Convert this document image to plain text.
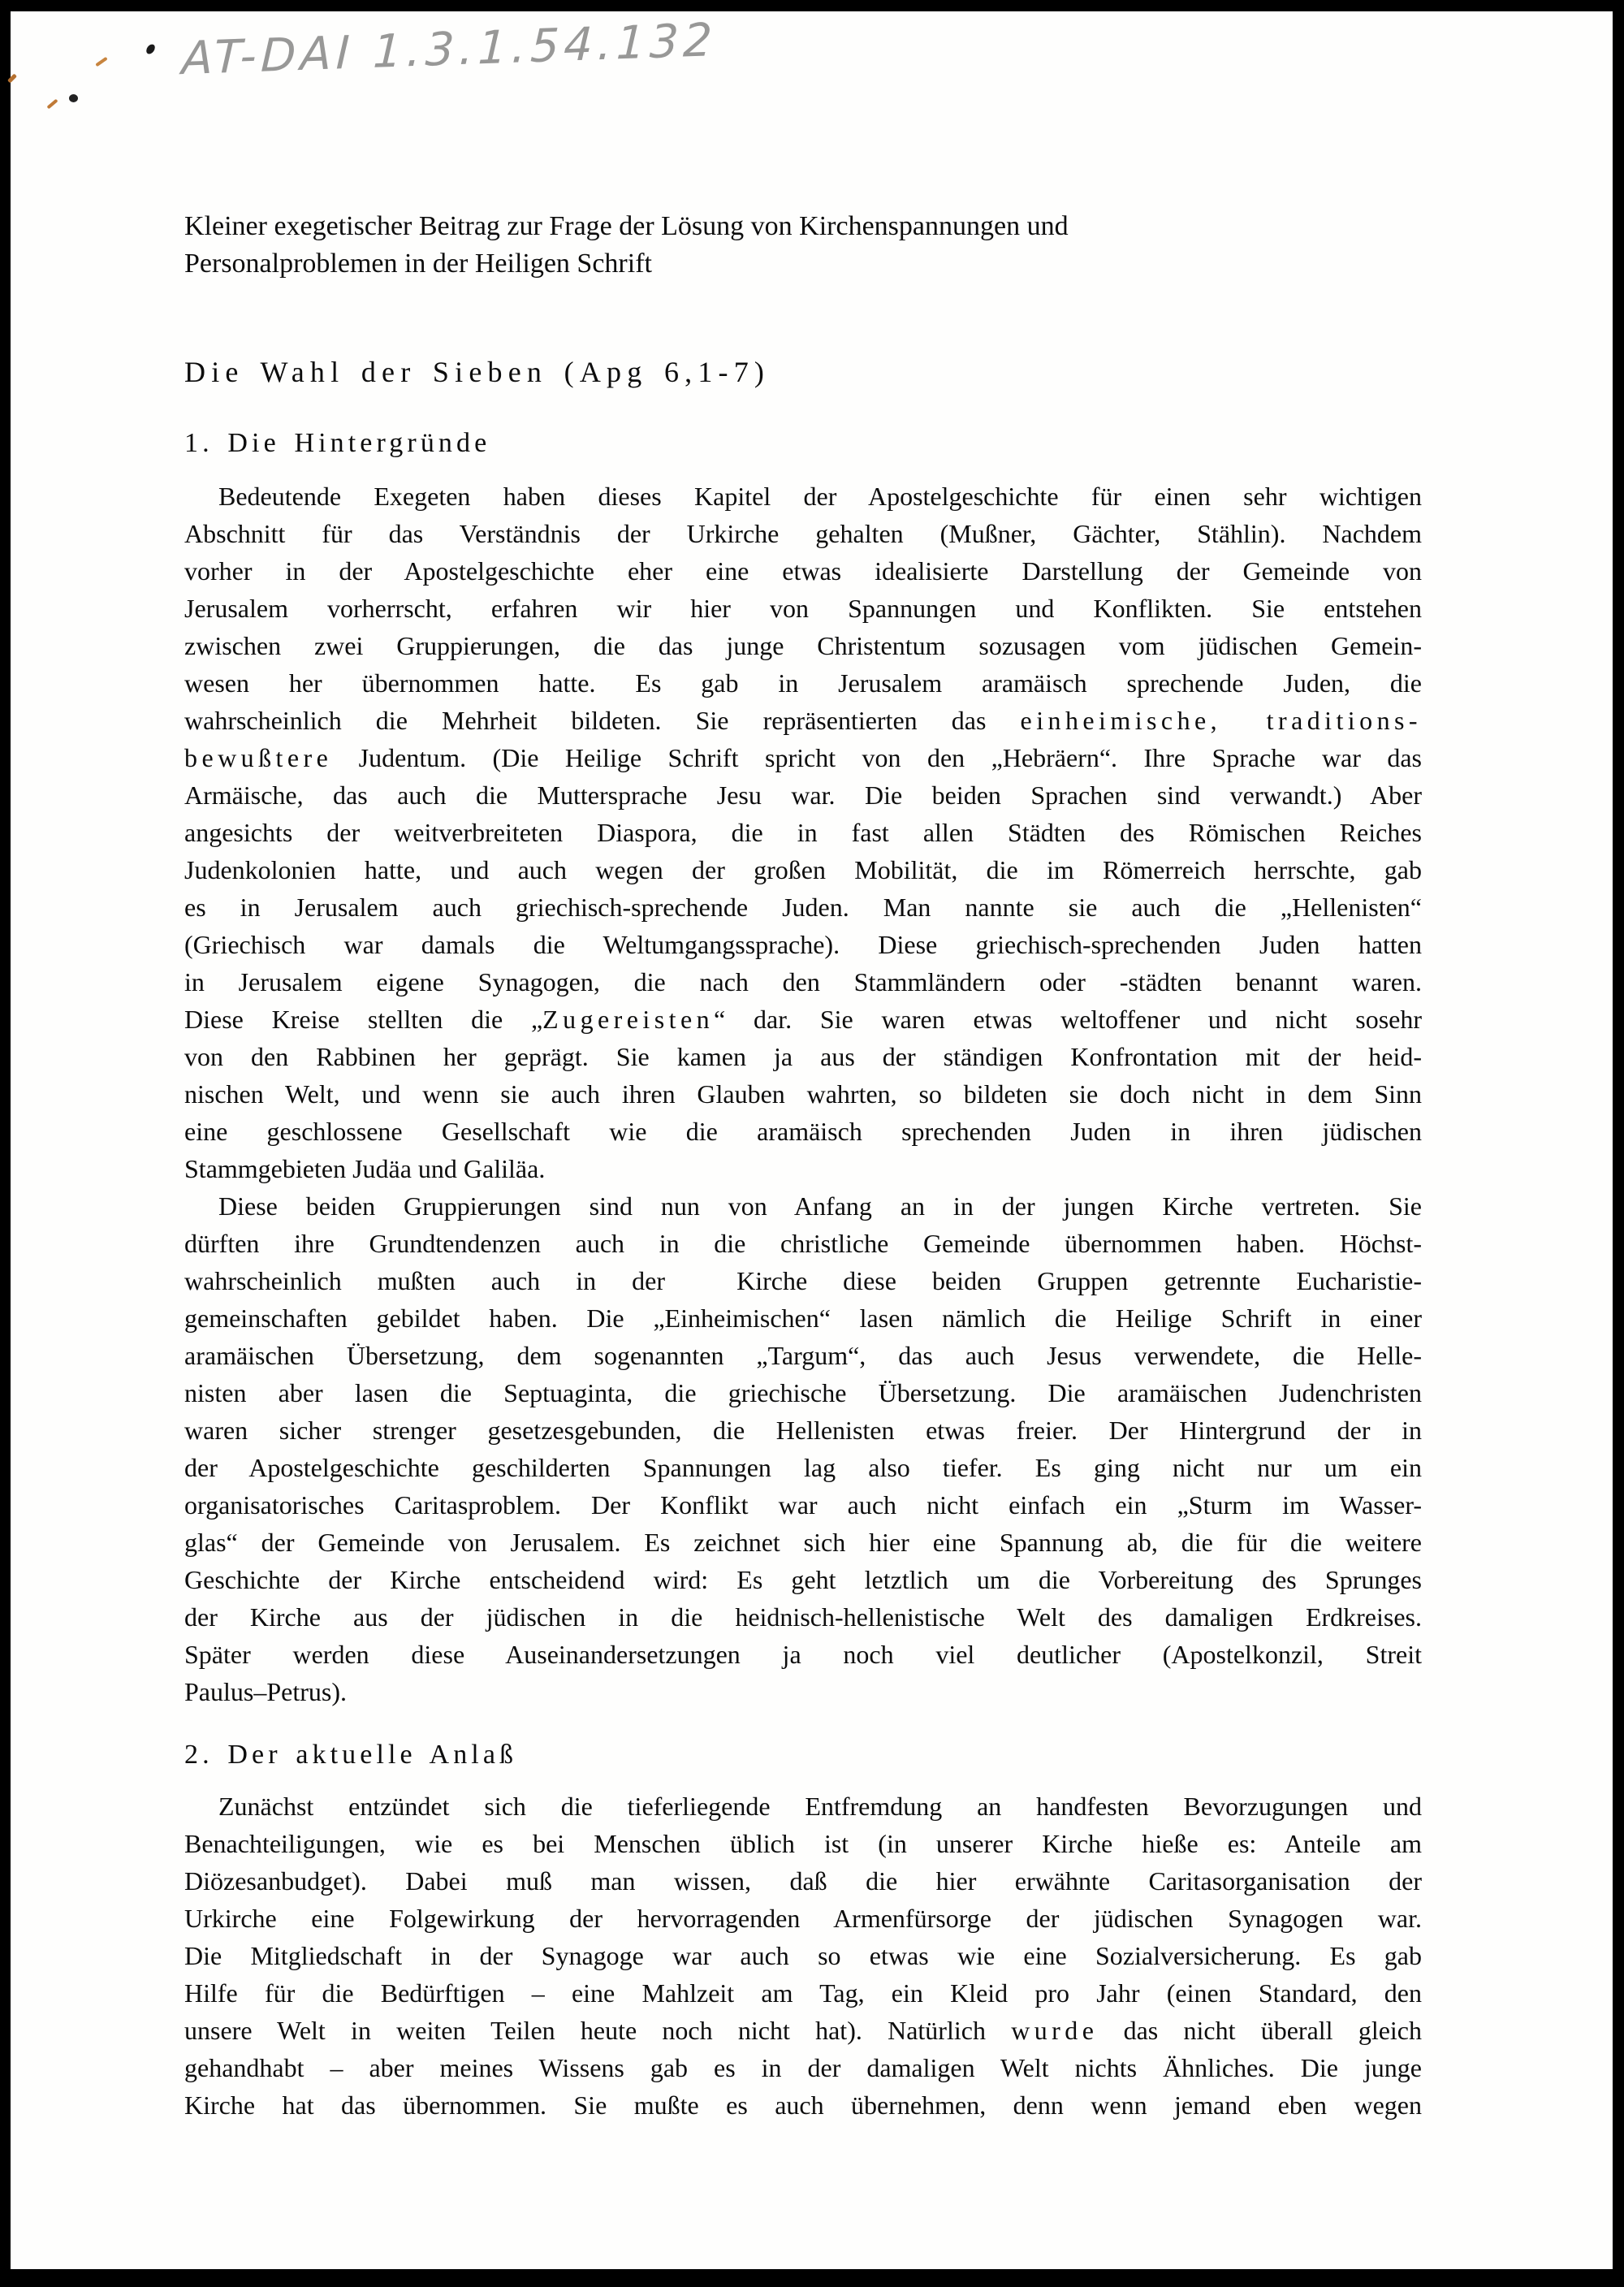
AT-DAI 1.3.1.54.132
Kleiner exegetischer Beitrag zur Frage der Lösung von Kirchenspannungen und
Personalproblemen in der Heiligen Schrift
Die Wahl der Sieben (Apg 6,1-7)
1. Die Hintergründe
Bedeutende Exegeten haben dieses Kapitel der Apostelgeschichte für einen sehr wichtigen
Abschnitt für das Verständnis der Urkirche gehalten (Mußner, Gächter, Stählin). Nachdem
vorher in der Apostelgeschichte eher eine etwas idealisierte Darstellung der Gemeinde von
Jerusalem vorherrscht, erfahren wir hier von Spannungen und Konflikten. Sie entstehen
zwischen zwei Gruppierungen, die das junge Christentum sozusagen vom jüdischen Gemein-
wesen her übernommen hatte. Es gab in Jerusalem aramäisch sprechende Juden, die
wahrscheinlich die Mehrheit bildeten. Sie repräsentierten das einheimische, traditions-
bewußtere Judentum. (Die Heilige Schrift spricht von den „Hebräern“. Ihre Sprache war das
Armäische, das auch die Muttersprache Jesu war. Die beiden Sprachen sind verwandt.) Aber
angesichts der weitverbreiteten Diaspora, die in fast allen Städten des Römischen Reiches
Judenkolonien hatte, und auch wegen der großen Mobilität, die im Römerreich herrschte, gab
es in Jerusalem auch griechisch-sprechende Juden. Man nannte sie auch die „Hellenisten“
(Griechisch war damals die Weltumgangssprache). Diese griechisch-sprechenden Juden hatten
in Jerusalem eigene Synagogen, die nach den Stammländern oder -städten benannt waren.
Diese Kreise stellten die „Zugereisten“ dar. Sie waren etwas weltoffener und nicht sosehr
von den Rabbinen her geprägt. Sie kamen ja aus der ständigen Konfrontation mit der heid-
nischen Welt, und wenn sie auch ihren Glauben wahrten, so bildeten sie doch nicht in dem Sinn
eine geschlossene Gesellschaft wie die aramäisch sprechenden Juden in ihren jüdischen
Stammgebieten Judäa und Galiläa.
Diese beiden Gruppierungen sind nun von Anfang an in der jungen Kirche vertreten. Sie
dürften ihre Grundtendenzen auch in die christliche Gemeinde übernommen haben. Höchst-
wahrscheinlich mußten auch in der  Kirche diese beiden Gruppen getrennte Eucharistie-
gemeinschaften gebildet haben. Die „Einheimischen“ lasen nämlich die Heilige Schrift in einer
aramäischen Übersetzung, dem sogenannten „Targum“, das auch Jesus verwendete, die Helle-
nisten aber lasen die Septuaginta, die griechische Übersetzung. Die aramäischen Judenchristen
waren sicher strenger gesetzesgebunden, die Hellenisten etwas freier. Der Hintergrund der in
der Apostelgeschichte geschilderten Spannungen lag also tiefer. Es ging nicht nur um ein
organisatorisches Caritasproblem. Der Konflikt war auch nicht einfach ein „Sturm im Wasser-
glas“ der Gemeinde von Jerusalem. Es zeichnet sich hier eine Spannung ab, die für die weitere
Geschichte der Kirche entscheidend wird: Es geht letztlich um die Vorbereitung des Sprunges
der Kirche aus der jüdischen in die heidnisch-hellenistische Welt des damaligen Erdkreises.
Später werden diese Auseinandersetzungen ja noch viel deutlicher (Apostelkonzil, Streit
Paulus–Petrus).
2. Der aktuelle Anlaß
Zunächst entzündet sich die tieferliegende Entfremdung an handfesten Bevorzugungen und
Benachteiligungen, wie es bei Menschen üblich ist (in unserer Kirche hieße es: Anteile am
Diözesanbudget). Dabei muß man wissen, daß die hier erwähnte Caritasorganisation der
Urkirche eine Folgewirkung der hervorragenden Armenfürsorge der jüdischen Synagogen war.
Die Mitgliedschaft in der Synagoge war auch so etwas wie eine Sozialversicherung. Es gab
Hilfe für die Bedürftigen – eine Mahlzeit am Tag, ein Kleid pro Jahr (einen Standard, den
unsere Welt in weiten Teilen heute noch nicht hat). Natürlich wurde das nicht überall gleich
gehandhabt – aber meines Wissens gab es in der damaligen Welt nichts Ähnliches. Die junge
Kirche hat das übernommen. Sie mußte es auch übernehmen, denn wenn jemand eben wegen
